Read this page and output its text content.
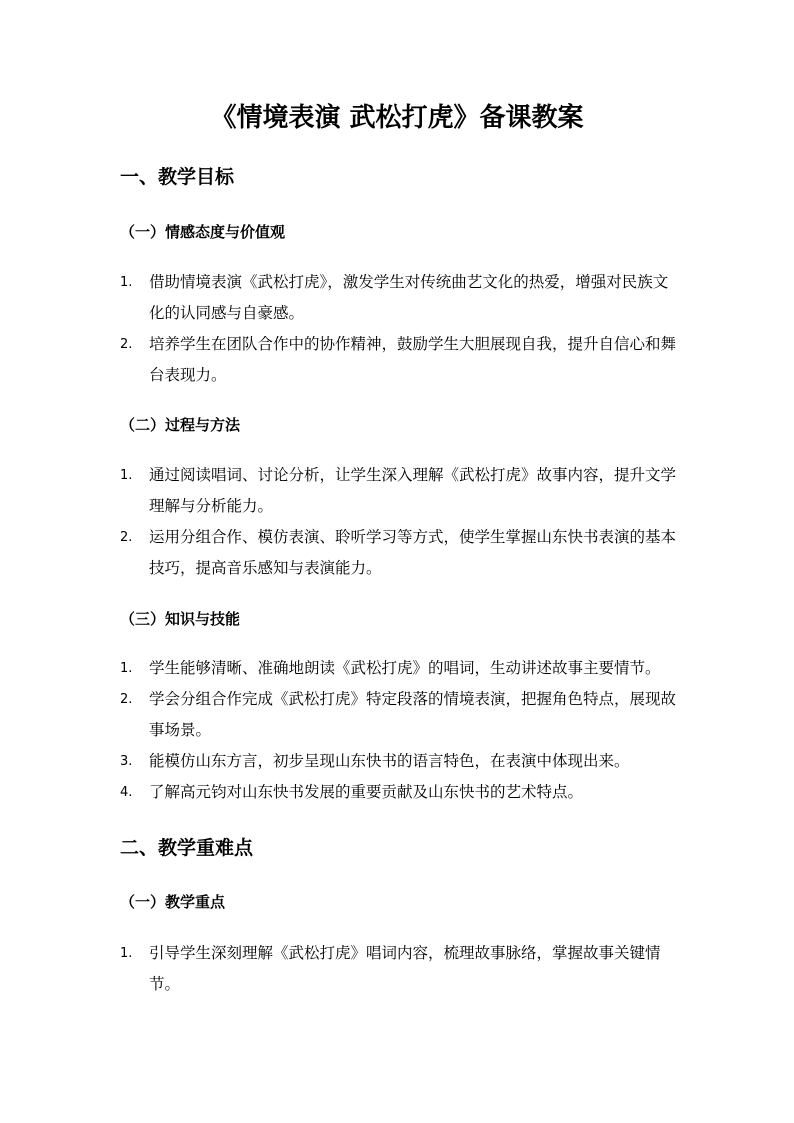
《情境表演 武松打虎》备课教案
一、教学目标
（一）情感态度与价值观
1. 借助情境表演《武松打虎》，激发学生对传统曲艺文化的热爱，增强对民族文化的认同感与自豪感。
2. 培养学生在团队合作中的协作精神，鼓励学生大胆展现自我，提升自信心和舞台表现力。
（二）过程与方法
1. 通过阅读唱词、讨论分析，让学生深入理解《武松打虎》故事内容，提升文学理解与分析能力。
2. 运用分组合作、模仿表演、聆听学习等方式，使学生掌握山东快书表演的基本技巧，提高音乐感知与表演能力。
（三）知识与技能
1. 学生能够清晰、准确地朗读《武松打虎》的唱词，生动讲述故事主要情节。
2. 学会分组合作完成《武松打虎》特定段落的情境表演，把握角色特点，展现故事场景。
3. 能模仿山东方言，初步呈现山东快书的语言特色，在表演中体现出来。
4. 了解高元钧对山东快书发展的重要贡献及山东快书的艺术特点。
二、教学重难点
（一）教学重点
1. 引导学生深刻理解《武松打虎》唱词内容，梳理故事脉络，掌握故事关键情节。
